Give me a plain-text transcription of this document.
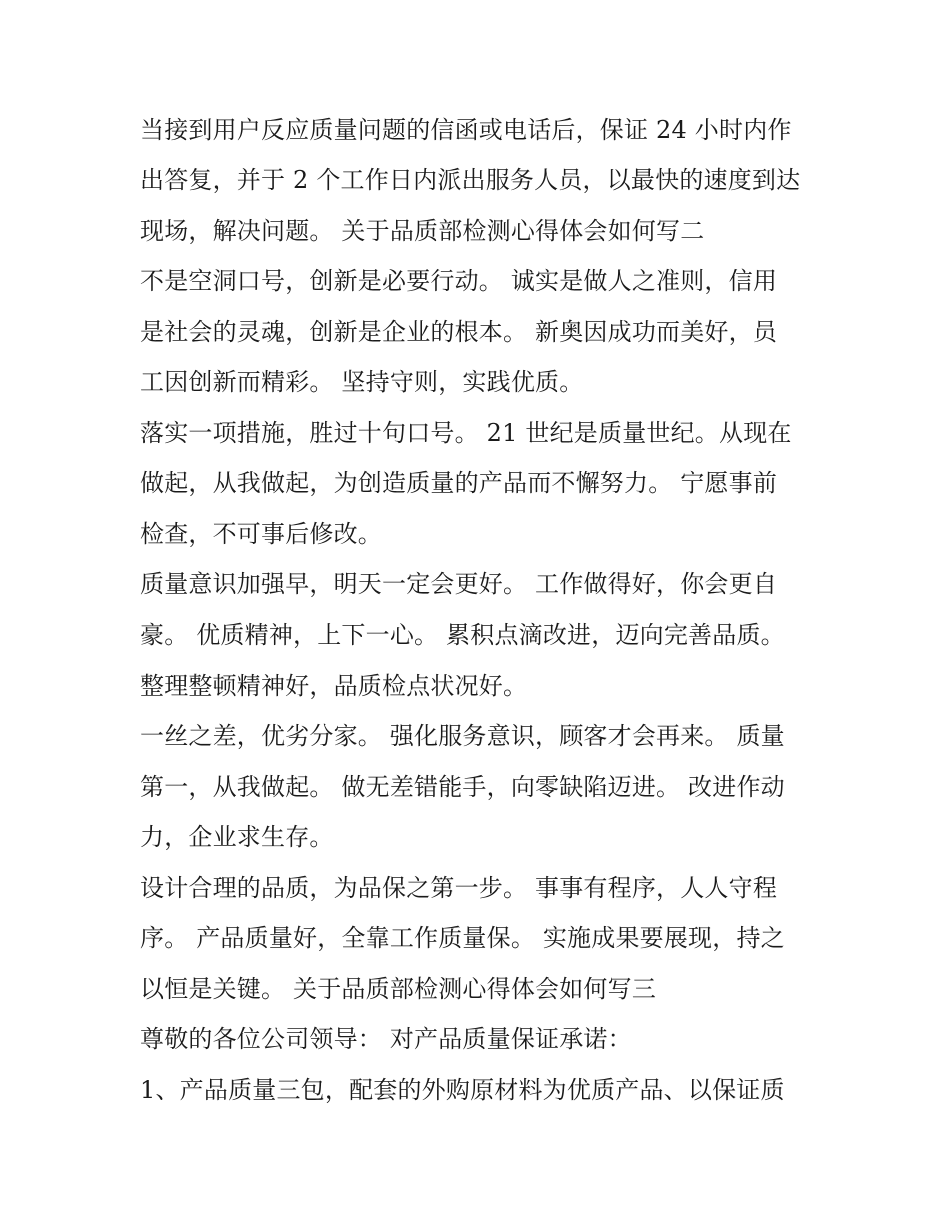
当接到用户反应质量问题的信函或电话后，保证 24 小时内作
出答复，并于 2 个工作日内派出服务人员，以最快的速度到达
现场，解决问题。 关于品质部检测心得体会如何写二
不是空洞口号，创新是必要行动。 诚实是做人之准则，信用
是社会的灵魂，创新是企业的根本。 新奥因成功而美好，员
工因创新而精彩。 坚持守则，实践优质。
落实一项措施，胜过十句口号。 21 世纪是质量世纪。从现在
做起，从我做起，为创造质量的产品而不懈努力。 宁愿事前
检查，不可事后修改。
质量意识加强早，明天一定会更好。 工作做得好，你会更自
豪。 优质精神，上下一心。 累积点滴改进，迈向完善品质。
整理整顿精神好，品质检点状况好。
一丝之差，优劣分家。 强化服务意识，顾客才会再来。 质量
第一，从我做起。 做无差错能手，向零缺陷迈进。 改进作动
力，企业求生存。
设计合理的品质，为品保之第一步。 事事有程序，人人守程
序。 产品质量好，全靠工作质量保。 实施成果要展现，持之
以恒是关键。 关于品质部检测心得体会如何写三
尊敬的各位公司领导： 对产品质量保证承诺：
1、产品质量三包，配套的外购原材料为优质产品、以保证质
